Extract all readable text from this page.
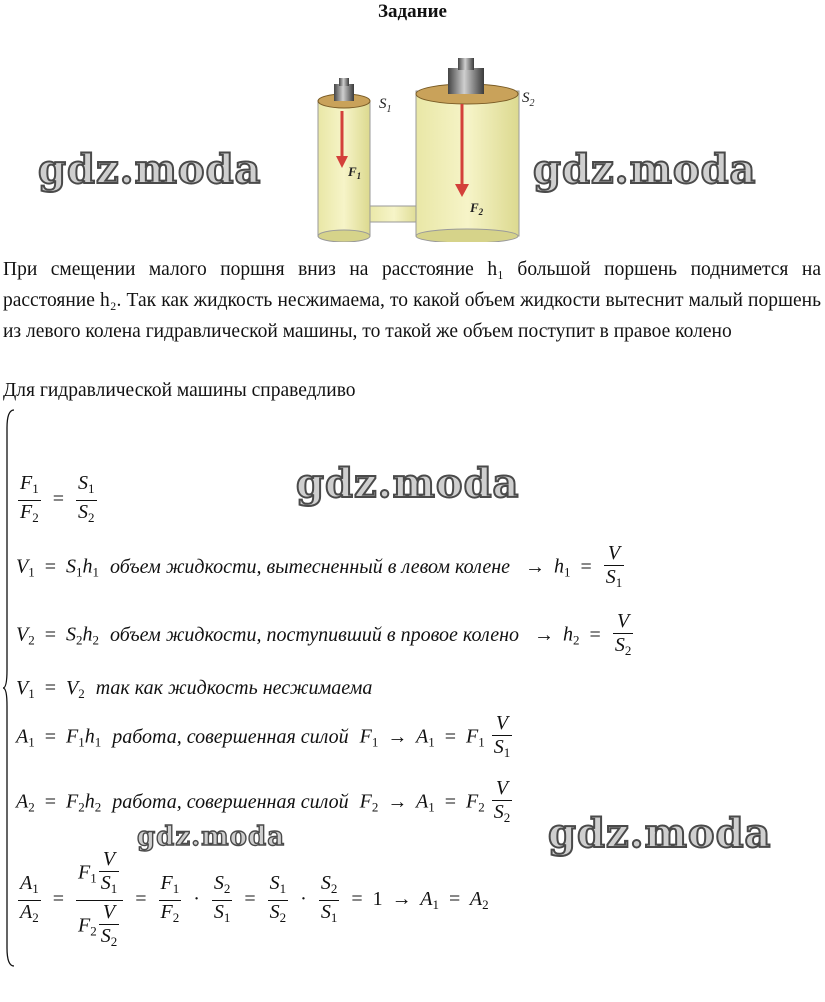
Задание
$S_1$
$S_2$
$F_1$
$F_2$
gdz.moda	gdz.moda

При смещении малого поршня вниз на расстояние h₁ большой поршень поднимется на расстояние h₂. Так как жидкость несжимаема, то какой объем жидкости вытеснит малый поршень из левого колена гидравлической машины, то такой же объем поступит в правое колено

Для гидравлической машины справедливо

$\frac{F_1}{F_2} = \frac{S_1}{S_2}$	gdz.moda
$V_1 = S_1h_1$ объем жидкости, вытесненный в левом колене → $h_1 = \frac{V}{S_1}$
$V_2 = S_2h_2$ объем жидкости, поступивший в провое колено → $h_2 = \frac{V}{S_2}$
$V_1 = V_2$ так как жидкость несжимаема
$A_1 = F_1h_1$ работа, совершенная силой $F_1 \to A_1 = F_1 \frac{V}{S_1}$
$A_2 = F_2h_2$ работа, совершенная силой $F_2 \to A_1 = F_2 \frac{V}{S_2}$
gdz.moda	gdz.moda
$\frac{A_1}{A_2} = \frac{F_1 \frac{V}{S_1}}{F_2 \frac{V}{S_2}} = \frac{F_1}{F_2} \cdot \frac{S_2}{S_1} = \frac{S_1}{S_2} \cdot \frac{S_2}{S_1} = 1 \to A_1 = A_2$
